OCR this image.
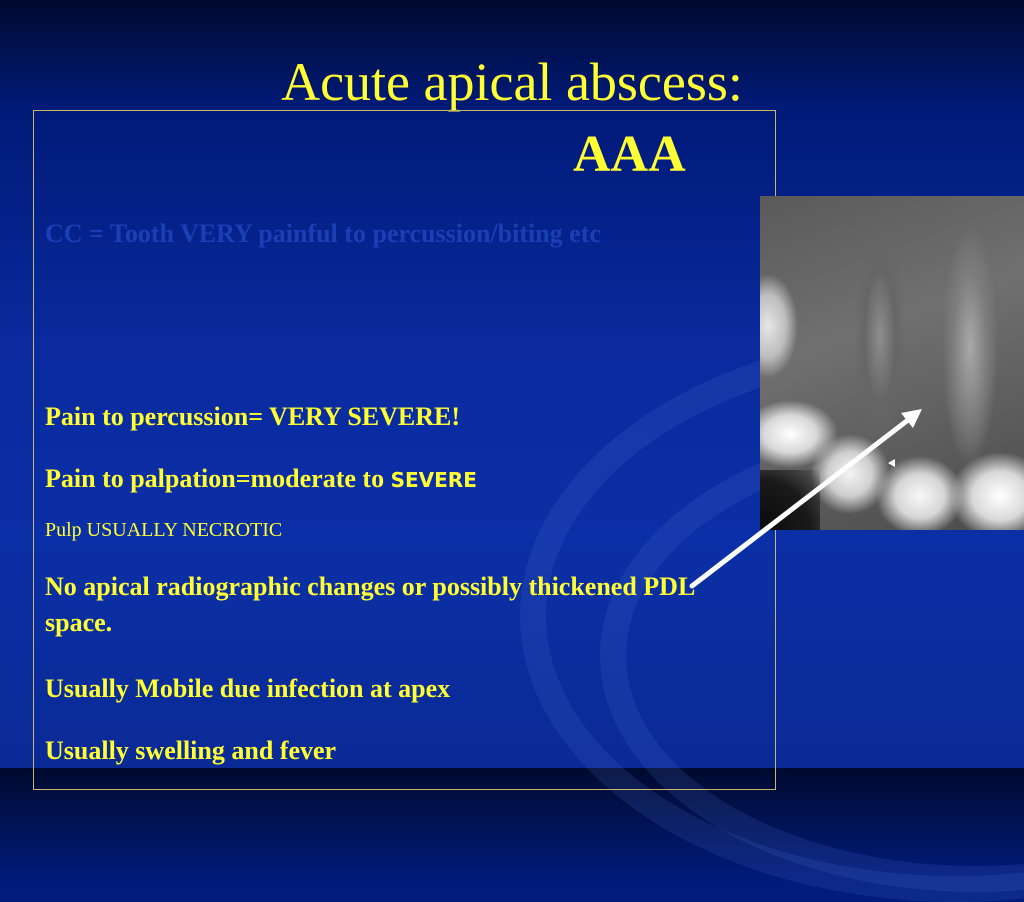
Acute apical abscess:
AAA
CC = Tooth VERY painful to percussion/biting etc
Pain to percussion= VERY SEVERE!
Pain to palpation=moderate to SEVERE
Pulp USUALLY NECROTIC
No apical radiographic changes or possibly thickened PDL space.
Usually Mobile due infection at apex
Usually swelling and fever
